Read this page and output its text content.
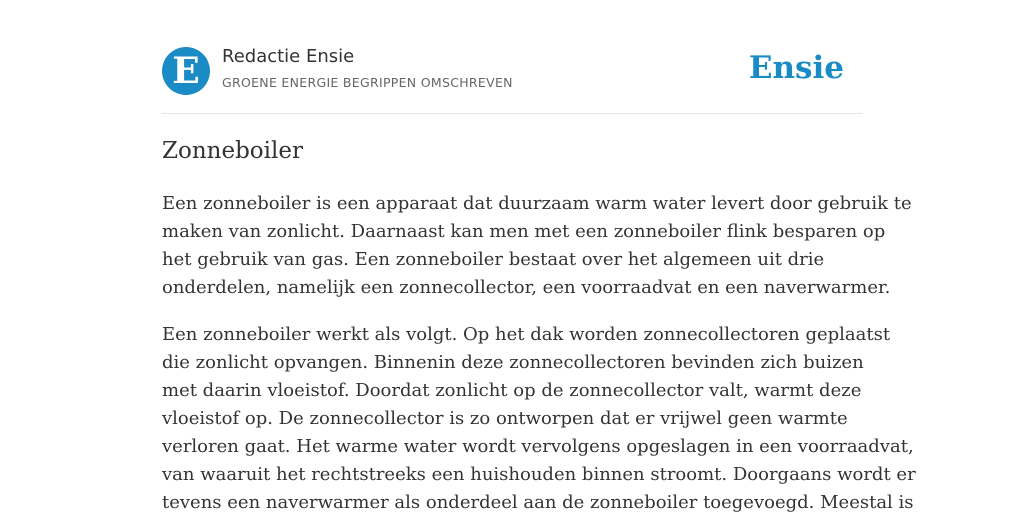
E	Redactie Ensie
GROENE ENERGIE BEGRIPPEN OMSCHREVEN	Ensie
Zonneboiler

Een zonneboiler is een apparaat dat duurzaam warm water levert door gebruik te
maken van zonlicht. Daarnaast kan men met een zonneboiler flink besparen op
het gebruik van gas. Een zonneboiler bestaat over het algemeen uit drie
onderdelen, namelijk een zonnecollector, een voorraadvat en een naverwarmer.

Een zonneboiler werkt als volgt. Op het dak worden zonnecollectoren geplaatst
die zonlicht opvangen. Binnenin deze zonnecollectoren bevinden zich buizen
met daarin vloeistof. Doordat zonlicht op de zonnecollector valt, warmt deze
vloeistof op. De zonnecollector is zo ontworpen dat er vrijwel geen warmte
verloren gaat. Het warme water wordt vervolgens opgeslagen in een voorraadvat,
van waaruit het rechtstreeks een huishouden binnen stroomt. Doorgaans wordt er
tevens een naverwarmer als onderdeel aan de zonneboiler toegevoegd. Meestal is
